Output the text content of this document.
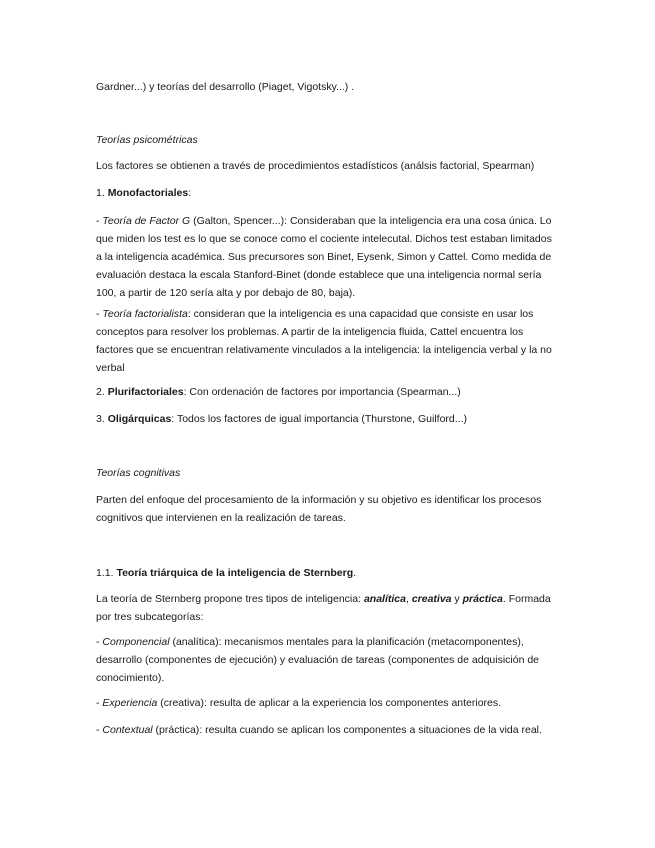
Gardner...) y teorías del desarrollo (Piaget, Vigotsky...) .
Teorías psicométricas
Los factores se obtienen a través de procedimientos estadísticos (análsis factorial, Spearman)
1. Monofactoriales:
- Teoría de Factor G (Galton, Spencer...): Consideraban que la inteligencia era una cosa única. Lo que miden los test es lo que se conoce como el cociente intelecutal. Dichos test estaban limitados a la inteligencia académica. Sus precursores son Binet, Eysenk, Simon y Cattel. Como medida de evaluación destaca la escala Stanford-Binet (donde establece que una inteligencia normal sería 100, a partir de 120 sería alta y por debajo de 80, baja).
- Teoría factorialista: consideran que la inteligencia es una capacidad que consiste en usar los conceptos para resolver los problemas. A partir de la inteligencia fluida, Cattel encuentra los factores que se encuentran relativamente vinculados a la inteligencia: la inteligencia verbal y la no verbal
2. Plurifactoriales: Con ordenación de factores por importancia (Spearman...)
3. Oligárquicas: Todos los factores de igual importancia (Thurstone, Guilford...)
Teorías cognitivas
Parten del enfoque del procesamiento de la información y su objetivo es identificar los procesos cognitivos que intervienen en la realización de tareas.
1.1. Teoría triárquica de la inteligencia de Sternberg.
La teoría de Sternberg propone tres tipos de inteligencia: analítica, creativa y práctica. Formada por tres subcategorías:
- Componencial (analítica): mecanismos mentales para la planificación (metacomponentes), desarrollo (componentes de ejecución) y evaluación de tareas (componentes de adquisición de conocimiento).
- Experiencia (creativa): resulta de aplicar a la experiencia los componentes anteriores.
- Contextual (práctica): resulta cuando se aplican los componentes a situaciones de la vida real.
